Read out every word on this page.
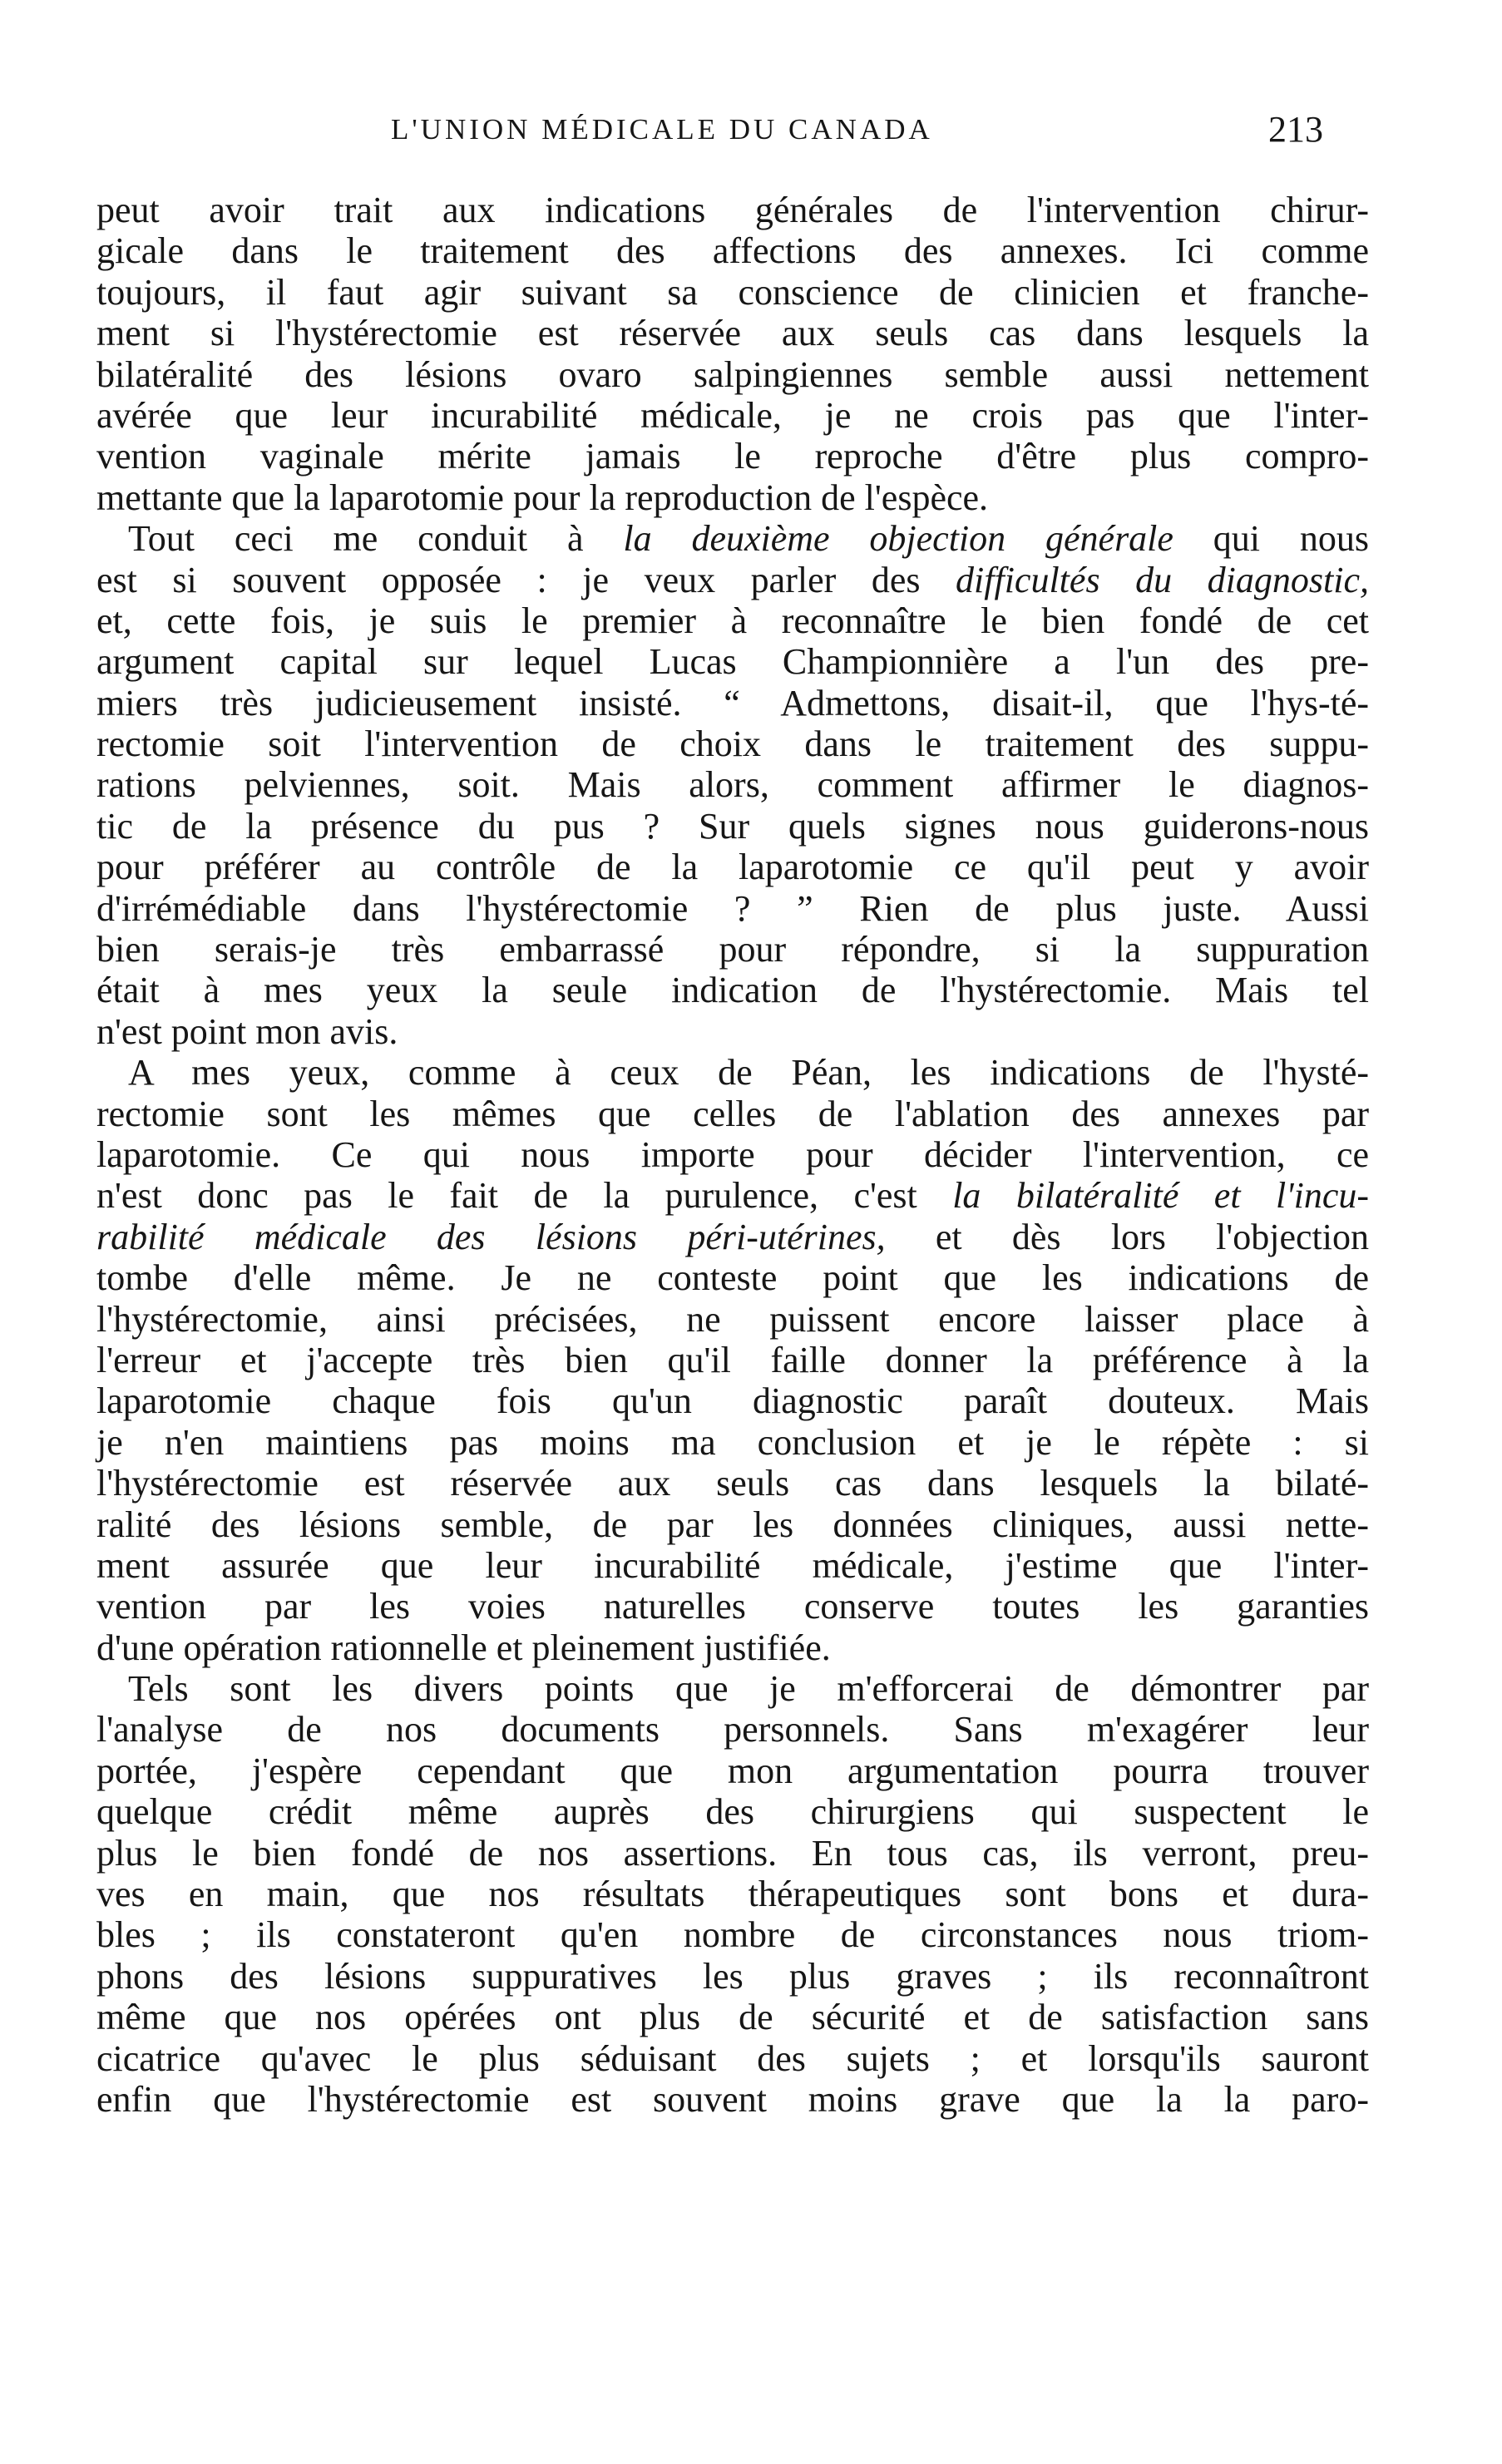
L'UNION MÉDICALE DU CANADA	213
peut avoir trait aux indications générales de l'intervention chirur-
gicale dans le traitement des affections des annexes. Ici comme
toujours, il faut agir suivant sa conscience de clinicien et franche-
ment si l'hystérectomie est réservée aux seuls cas dans lesquels la
bilatéralité des lésions ovaro salpingiennes semble aussi nettement
avérée que leur incurabilité médicale, je ne crois pas que l'inter-
vention vaginale mérite jamais le reproche d'être plus compro-
mettante que la laparotomie pour la reproduction de l'espèce.
Tout ceci me conduit à la deuxième objection générale qui nous
est si souvent opposée : je veux parler des difficultés du diagnostic,
et, cette fois, je suis le premier à reconnaître le bien fondé de cet
argument capital sur lequel Lucas Championnière a l'un des pre-
miers très judicieusement insisté. “ Admettons, disait-il, que l'hys-té-
rectomie soit l'intervention de choix dans le traitement des suppu-
rations pelviennes, soit. Mais alors, comment affirmer le diagnos-
tic de la présence du pus ? Sur quels signes nous guiderons-nous
pour préférer au contrôle de la laparotomie ce qu'il peut y avoir
d'irrémédiable dans l'hystérectomie ? ” Rien de plus juste. Aussi
bien serais-je très embarrassé pour répondre, si la suppuration
était à mes yeux la seule indication de l'hystérectomie. Mais tel
n'est point mon avis.
A mes yeux, comme à ceux de Péan, les indications de l'hysté-
rectomie sont les mêmes que celles de l'ablation des annexes par
laparotomie. Ce qui nous importe pour décider l'intervention, ce
n'est donc pas le fait de la purulence, c'est la bilatéralité et l'incu-
rabilité médicale des lésions péri-utérines, et dès lors l'objection
tombe d'elle même. Je ne conteste point que les indications de
l'hystérectomie, ainsi précisées, ne puissent encore laisser place à
l'erreur et j'accepte très bien qu'il faille donner la préférence à la
laparotomie chaque fois qu'un diagnostic paraît douteux. Mais
je n'en maintiens pas moins ma conclusion et je le répète : si
l'hystérectomie est réservée aux seuls cas dans lesquels la bilaté-
ralité des lésions semble, de par les données cliniques, aussi nette-
ment assurée que leur incurabilité médicale, j'estime que l'inter-
vention par les voies naturelles conserve toutes les garanties
d'une opération rationnelle et pleinement justifiée.
Tels sont les divers points que je m'efforcerai de démontrer par
l'analyse de nos documents personnels. Sans m'exagérer leur
portée, j'espère cependant que mon argumentation pourra trouver
quelque crédit même auprès des chirurgiens qui suspectent le
plus le bien fondé de nos assertions. En tous cas, ils verront, preu-
ves en main, que nos résultats thérapeutiques sont bons et dura-
bles ; ils constateront qu'en nombre de circonstances nous triom-
phons des lésions suppuratives les plus graves ; ils reconnaîtront
même que nos opérées ont plus de sécurité et de satisfaction sans
cicatrice qu'avec le plus séduisant des sujets ; et lorsqu'ils sauront
enfin que l'hystérectomie est souvent moins grave que la la paro-
